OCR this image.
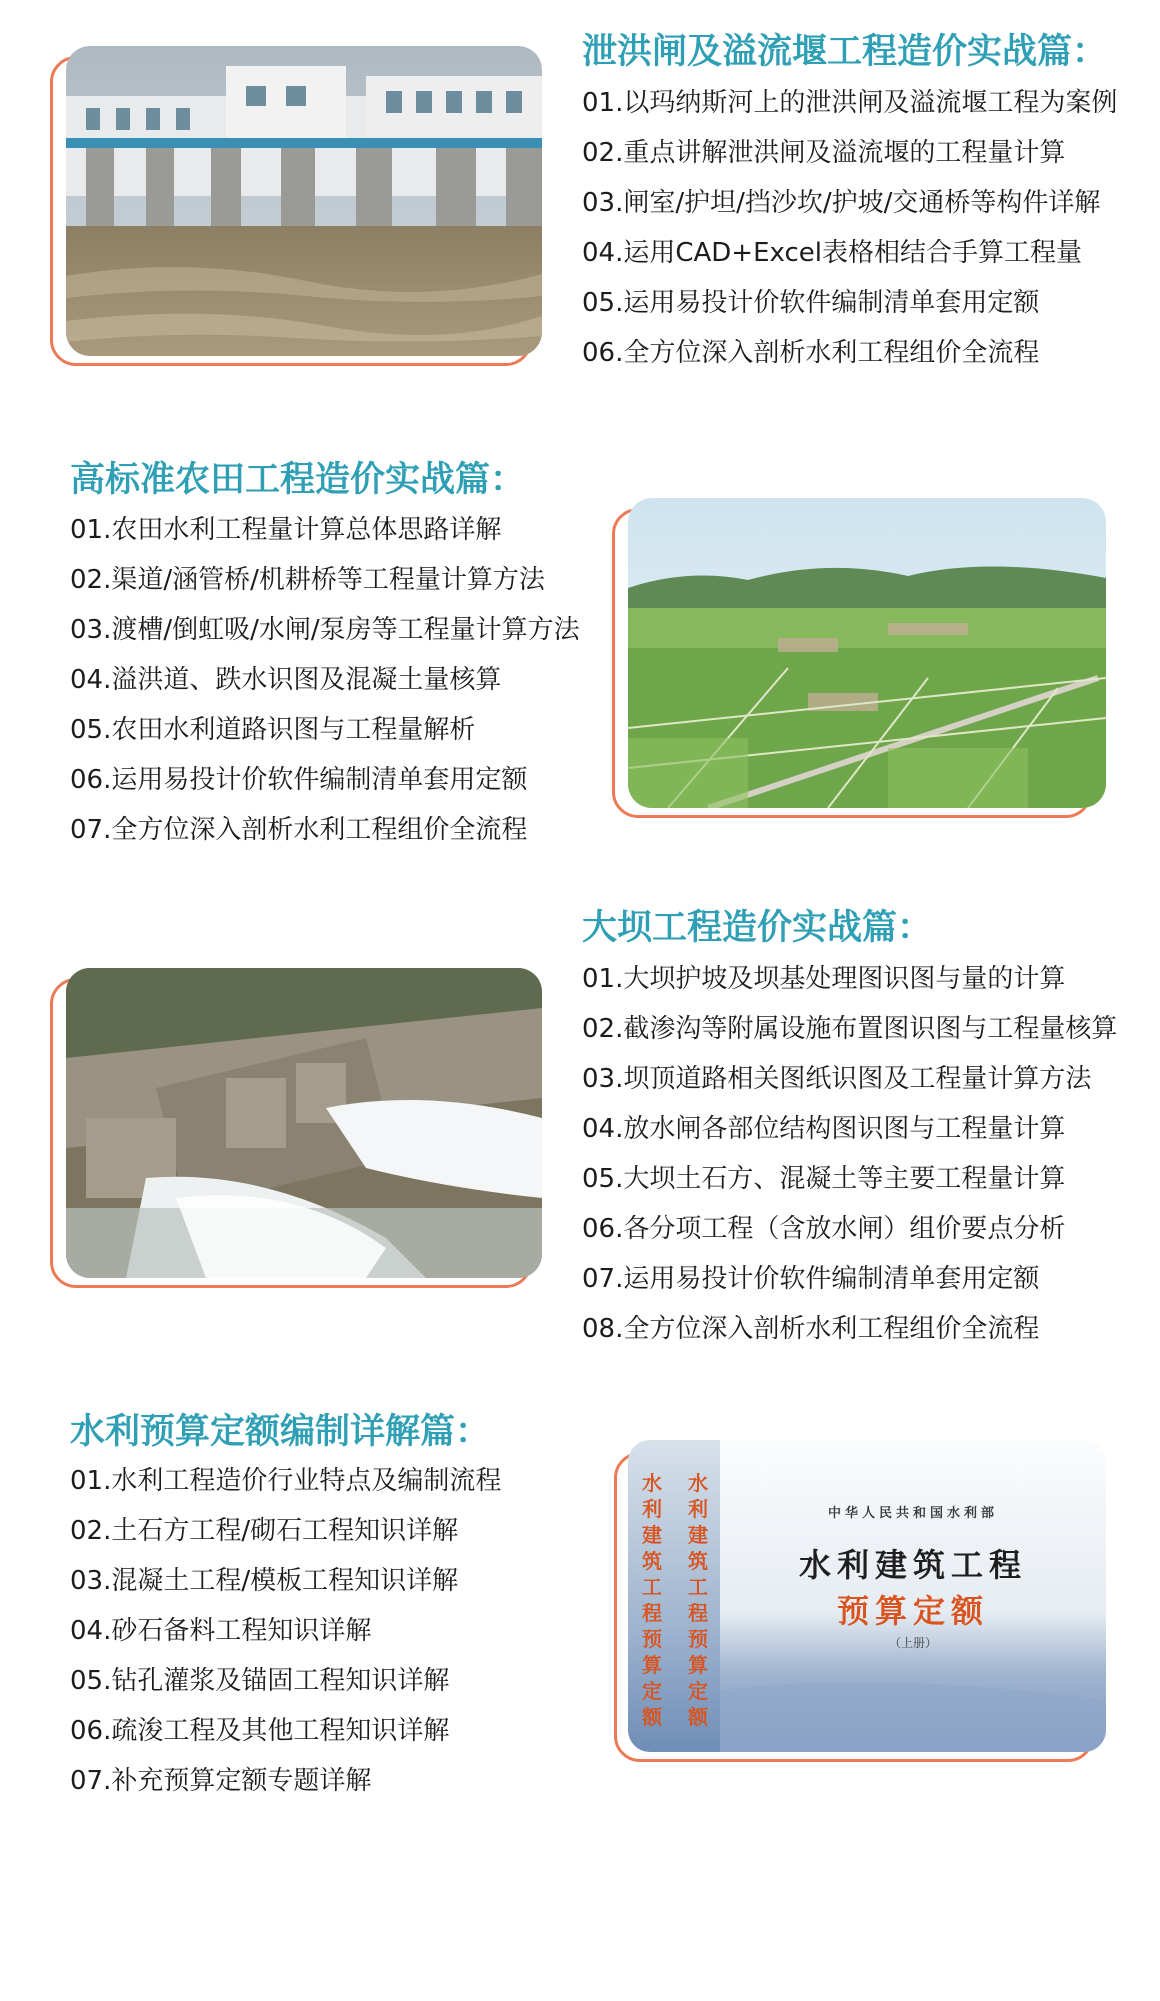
泄洪闸及溢流堰工程造价实战篇：
01.以玛纳斯河上的泄洪闸及溢流堰工程为案例
02.重点讲解泄洪闸及溢流堰的工程量计算
03.闸室/护坦/挡沙坎/护坡/交通桥等构件详解
04.运用CAD+Excel表格相结合手算工程量
05.运用易投计价软件编制清单套用定额
06.全方位深入剖析水利工程组价全流程
高标准农田工程造价实战篇：
01.农田水利工程量计算总体思路详解
02.渠道/涵管桥/机耕桥等工程量计算方法
03.渡槽/倒虹吸/水闸/泵房等工程量计算方法
04.溢洪道、跌水识图及混凝土量核算
05.农田水利道路识图与工程量解析
06.运用易投计价软件编制清单套用定额
07.全方位深入剖析水利工程组价全流程
大坝工程造价实战篇：
01.大坝护坡及坝基处理图识图与量的计算
02.截渗沟等附属设施布置图识图与工程量核算
03.坝顶道路相关图纸识图及工程量计算方法
04.放水闸各部位结构图识图与工程量计算
05.大坝土石方、混凝土等主要工程量计算
06.各分项工程（含放水闸）组价要点分析
07.运用易投计价软件编制清单套用定额
08.全方位深入剖析水利工程组价全流程
水利预算定额编制详解篇：
01.水利工程造价行业特点及编制流程
02.土石方工程/砌石工程知识详解
03.混凝土工程/模板工程知识详解
04.砂石备料工程知识详解
05.钻孔灌浆及锚固工程知识详解
06.疏浚工程及其他工程知识详解
07.补充预算定额专题详解
水利建筑工程预算定额
水利建筑工程预算定额
中华人民共和国水利部
水利建筑工程
预算定额
（上册）
